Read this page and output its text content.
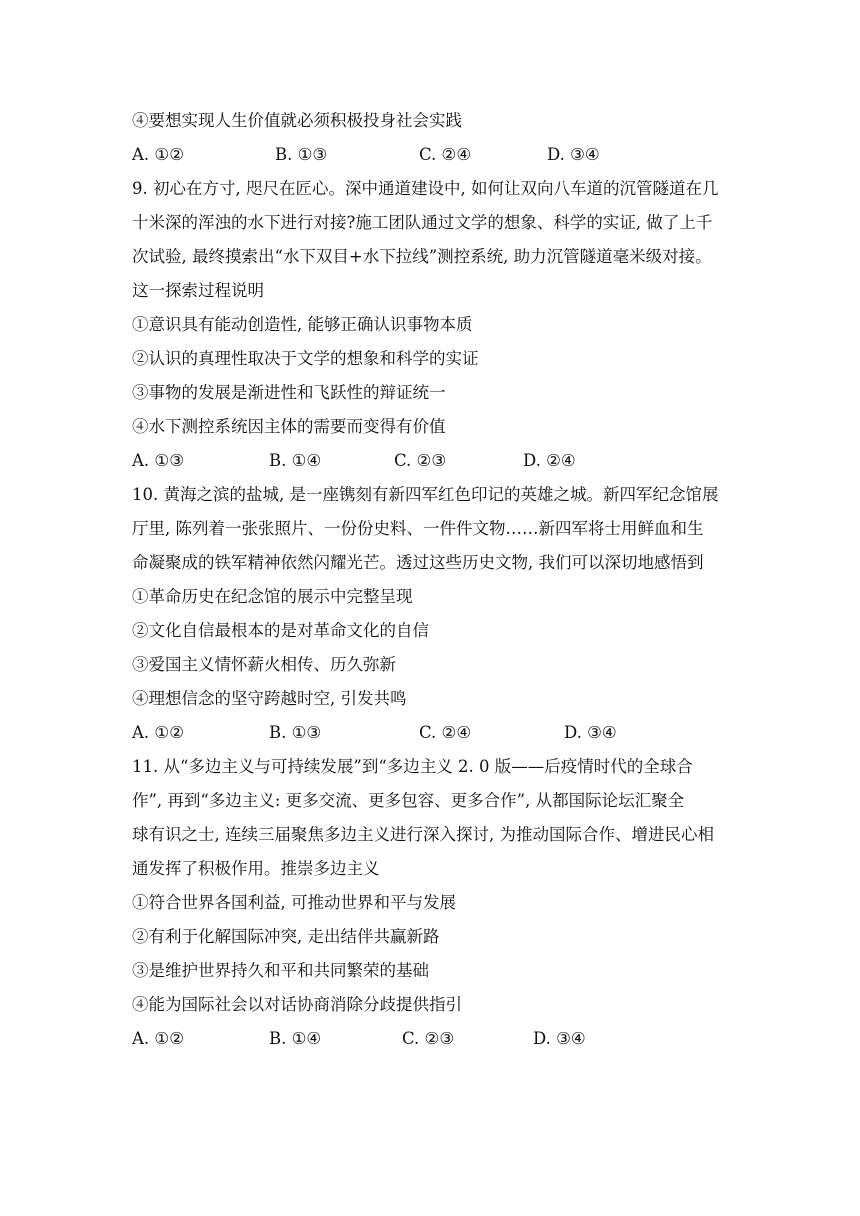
④要想实现人生价值就必须积极投身社会实践
A. ①②	B. ①③	C. ②④	D. ③④
9. 初心在方寸, 咫尺在匠心。深中通道建设中, 如何让双向八车道的沉管隧道在几
十米深的浑浊的水下进行对接?施工团队通过文学的想象、科学的实证, 做了上千
次试验, 最终摸索出“水下双目+水下拉线”测控系统, 助力沉管隧道毫米级对接。
这一探索过程说明
①意识具有能动创造性, 能够正确认识事物本质
②认识的真理性取决于文学的想象和科学的实证
③事物的发展是渐进性和飞跃性的辩证统一
④水下测控系统因主体的需要而变得有价值
A. ①③	B. ①④	C. ②③	D. ②④
10. 黄海之滨的盐城, 是一座镌刻有新四军红色印记的英雄之城。新四军纪念馆展
厅里, 陈列着一张张照片、一份份史料、一件件文物……新四军将士用鲜血和生
命凝聚成的铁军精神依然闪耀光芒。透过这些历史文物, 我们可以深切地感悟到
①革命历史在纪念馆的展示中完整呈现
②文化自信最根本的是对革命文化的自信
③爱国主义情怀薪火相传、历久弥新
④理想信念的坚守跨越时空, 引发共鸣
A. ①②	B. ①③	C. ②④	D. ③④
11. 从“多边主义与可持续发展”到“多边主义 2. 0 版——后疫情时代的全球合
作”, 再到“多边主义: 更多交流、更多包容、更多合作”, 从都国际论坛汇聚全
球有识之士, 连续三届聚焦多边主义进行深入探讨, 为推动国际合作、增进民心相
通发挥了积极作用。推崇多边主义
①符合世界各国利益, 可推动世界和平与发展
②有利于化解国际冲突, 走出结伴共赢新路
③是维护世界持久和平和共同繁荣的基础
④能为国际社会以对话协商消除分歧提供指引
A. ①②	B. ①④	C. ②③	D. ③④
